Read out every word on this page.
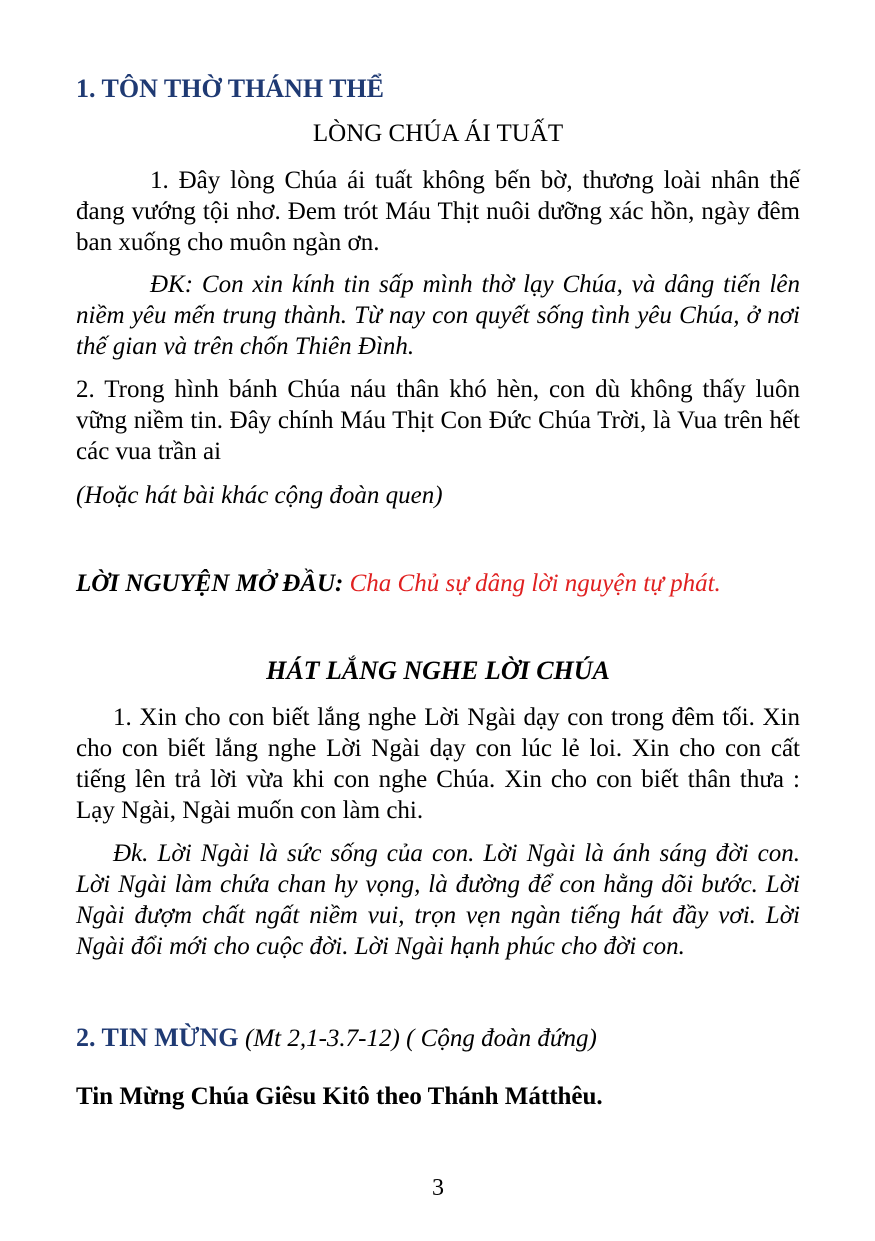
1. TÔN THỜ THÁNH THỂ
LÒNG CHÚA ÁI TUẤT
1. Đây lòng Chúa ái tuất không bến bờ, thương loài nhân thế đang vướng tội nhơ. Đem trót Máu Thịt nuôi dưỡng xác hồn, ngày đêm ban xuống cho muôn ngàn ơn.
ĐK: Con xin kính tin sấp mình thờ lạy Chúa, và dâng tiến lên niềm yêu mến trung thành. Từ nay con quyết sống tình yêu Chúa, ở nơi thế gian và trên chốn Thiên Đình.
2. Trong hình bánh Chúa náu thân khó hèn, con dù không thấy luôn vững niềm tin. Đây chính Máu Thịt Con Đức Chúa Trời, là Vua trên hết các vua trần ai
(Hoặc hát bài khác cộng đoàn quen)
LỜI NGUYỆN MỞ ĐẦU: Cha Chủ sự dâng lời nguyện tự phát.
HÁT LẮNG NGHE LỜI CHÚA
1. Xin cho con biết lắng nghe Lời Ngài dạy con trong đêm tối. Xin cho con biết lắng nghe Lời Ngài dạy con lúc lẻ loi. Xin cho con cất tiếng lên trả lời vừa khi con nghe Chúa. Xin cho con biết thân thưa : Lạy Ngài, Ngài muốn con làm chi.
Đk. Lời Ngài là sức sống của con. Lời Ngài là ánh sáng đời con. Lời Ngài làm chứa chan hy vọng, là đường để con hằng dõi bước. Lời Ngài đượm chất ngất niềm vui, trọn vẹn ngàn tiếng hát đầy vơi. Lời Ngài đổi mới cho cuộc đời. Lời Ngài hạnh phúc cho đời con.
2. TIN MỪNG (Mt 2,1-3.7-12) ( Cộng đoàn đứng)
Tin Mừng Chúa Giêsu Kitô theo Thánh Mátthêu.
3
